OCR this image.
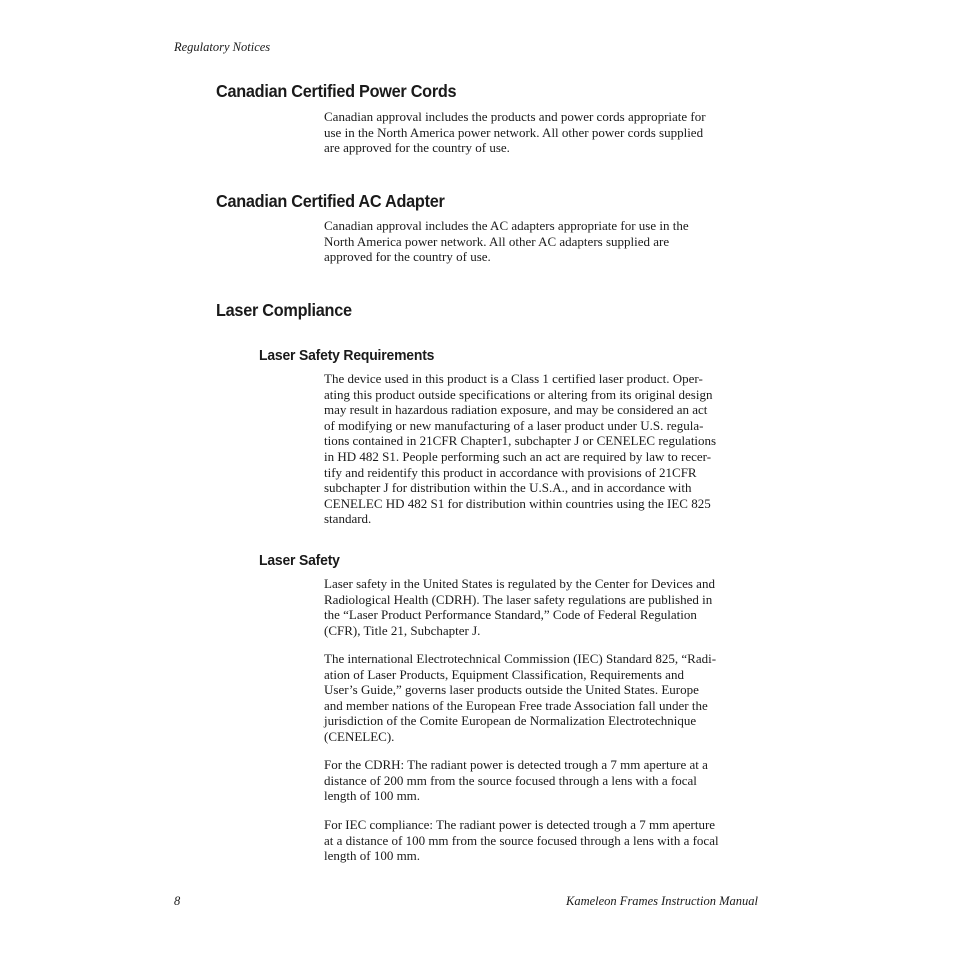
Regulatory Notices
Canadian Certified Power Cords

Canadian approval includes the products and power cords appropriate for
use in the North America power network. All other power cords supplied
are approved for the country of use.

Canadian Certified AC Adapter

Canadian approval includes the AC adapters appropriate for use in the
North America power network. All other AC adapters supplied are
approved for the country of use.

Laser Compliance
Laser Safety Requirements

The device used in this product is a Class 1 certified laser product. Oper-
ating this product outside specifications or altering from its original design
may result in hazardous radiation exposure, and may be considered an act
of modifying or new manufacturing of a laser product under U.S. regula-
tions contained in 21CFR Chapter1, subchapter J or CENELEC regulations
in HD 482 S1. People performing such an act are required by law to recer-
tify and reidentify this product in accordance with provisions of 21CFR
subchapter J for distribution within the U.S.A., and in accordance with
CENELEC HD 482 S1 for distribution within countries using the IEC 825
standard.

Laser Safety

Laser safety in the United States is regulated by the Center for Devices and
Radiological Health (CDRH). The laser safety regulations are published in
the “Laser Product Performance Standard,” Code of Federal Regulation
(CFR), Title 21, Subchapter J.

The international Electrotechnical Commission (IEC) Standard 825, “Radi-
ation of Laser Products, Equipment Classification, Requirements and
User’s Guide,” governs laser products outside the United States. Europe
and member nations of the European Free trade Association fall under the
jurisdiction of the Comite European de Normalization Electrotechnique
(CENELEC).

For the CDRH: The radiant power is detected trough a 7 mm aperture at a
distance of 200 mm from the source focused through a lens with a focal
length of 100 mm.

For IEC compliance: The radiant power is detected trough a 7 mm aperture
at a distance of 100 mm from the source focused through a lens with a focal
length of 100 mm.

8	Kameleon Frames Instruction Manual
